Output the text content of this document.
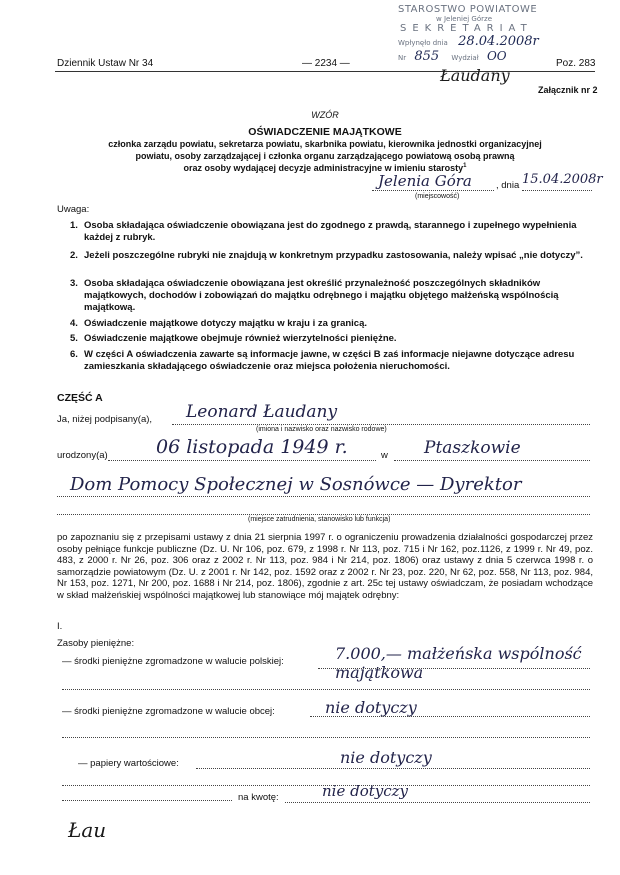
STAROSTWO POWIATOWE
w Jeleniej Górze
SEKRETARIAT
Wpłynęło dnia 28.04.2008r
Nr 855 Wydział OO
Dziennik Ustaw Nr 34	— 2234 —	Poz. 283
Łaudany
Załącznik nr 2
WZÓR
OŚWIADCZENIE MAJĄTKOWE
członka zarządu powiatu, sekretarza powiatu, skarbnika powiatu, kierownika jednostki organizacyjnej
powiatu, osoby zarządzającej i członka organu zarządzającego powiatową osobą prawną
oraz osoby wydającej decyzje administracyjne w imieniu starosty$^1$
Jelenia Góra	, dnia 15.04.2008r
(miejscowość)
Uwaga:
1. Osoba składająca oświadczenie obowiązana jest do zgodnego z prawdą, starannego i zupełnego wypełnienia każdej z rubryk.
2. Jeżeli poszczególne rubryki nie znajdują w konkretnym przypadku zastosowania, należy wpisać „nie dotyczy”.
3. Osoba składająca oświadczenie obowiązana jest określić przynależność poszczególnych składników majątkowych, dochodów i zobowiązań do majątku odrębnego i majątku objętego małżeńską wspólnością majątkową.
4. Oświadczenie majątkowe dotyczy majątku w kraju i za granicą.
5. Oświadczenie majątkowe obejmuje również wierzytelności pieniężne.
6. W części A oświadczenia zawarte są informacje jawne, w części B zaś informacje niejawne dotyczące adresu zamieszkania składającego oświadczenie oraz miejsca położenia nieruchomości.
CZĘŚĆ A
Ja, niżej podpisany(a), Leonard Łaudany
(imiona i nazwisko oraz nazwisko rodowe)
urodzony(a)	06 listopada 1949 r.	w Ptaszkowie
Dom Pomocy Społecznej w Sosnówce — Dyrektor
(miejsce zatrudnienia, stanowisko lub funkcja)
po zapoznaniu się z przepisami ustawy z dnia 21 sierpnia 1997 r. o ograniczeniu prowadzenia działalności gospodarczej przez osoby pełniące funkcje publiczne (Dz. U. Nr 106, poz. 679, z 1998 r. Nr 113, poz. 715 i Nr 162, poz.1126, z 1999 r. Nr 49, poz. 483, z 2000 r. Nr 26, poz. 306 oraz z 2002 r. Nr 113, poz. 984 i Nr 214, poz. 1806) oraz ustawy z dnia 5 czerwca 1998 r. o samorządzie powiatowym (Dz. U. z 2001 r. Nr 142, poz. 1592 oraz z 2002 r. Nr 23, poz. 220, Nr 62, poz. 558, Nr 113, poz. 984, Nr 153, poz. 1271, Nr 200, poz. 1688 i Nr 214, poz. 1806), zgodnie z art. 25c tej ustawy oświadczam, że posiadam wchodzące w skład małżeńskiej wspólności majątkowej lub stanowiące mój majątek odrębny:
I.
Zasoby pieniężne:
— środki pieniężne zgromadzone w walucie polskiej:	7.000,— małżeńska wspólność majątkowa
— środki pieniężne zgromadzone w walucie obcej:	nie dotyczy
— papiery wartościowe:	nie dotyczy
na kwotę:	nie dotyczy
Łau
